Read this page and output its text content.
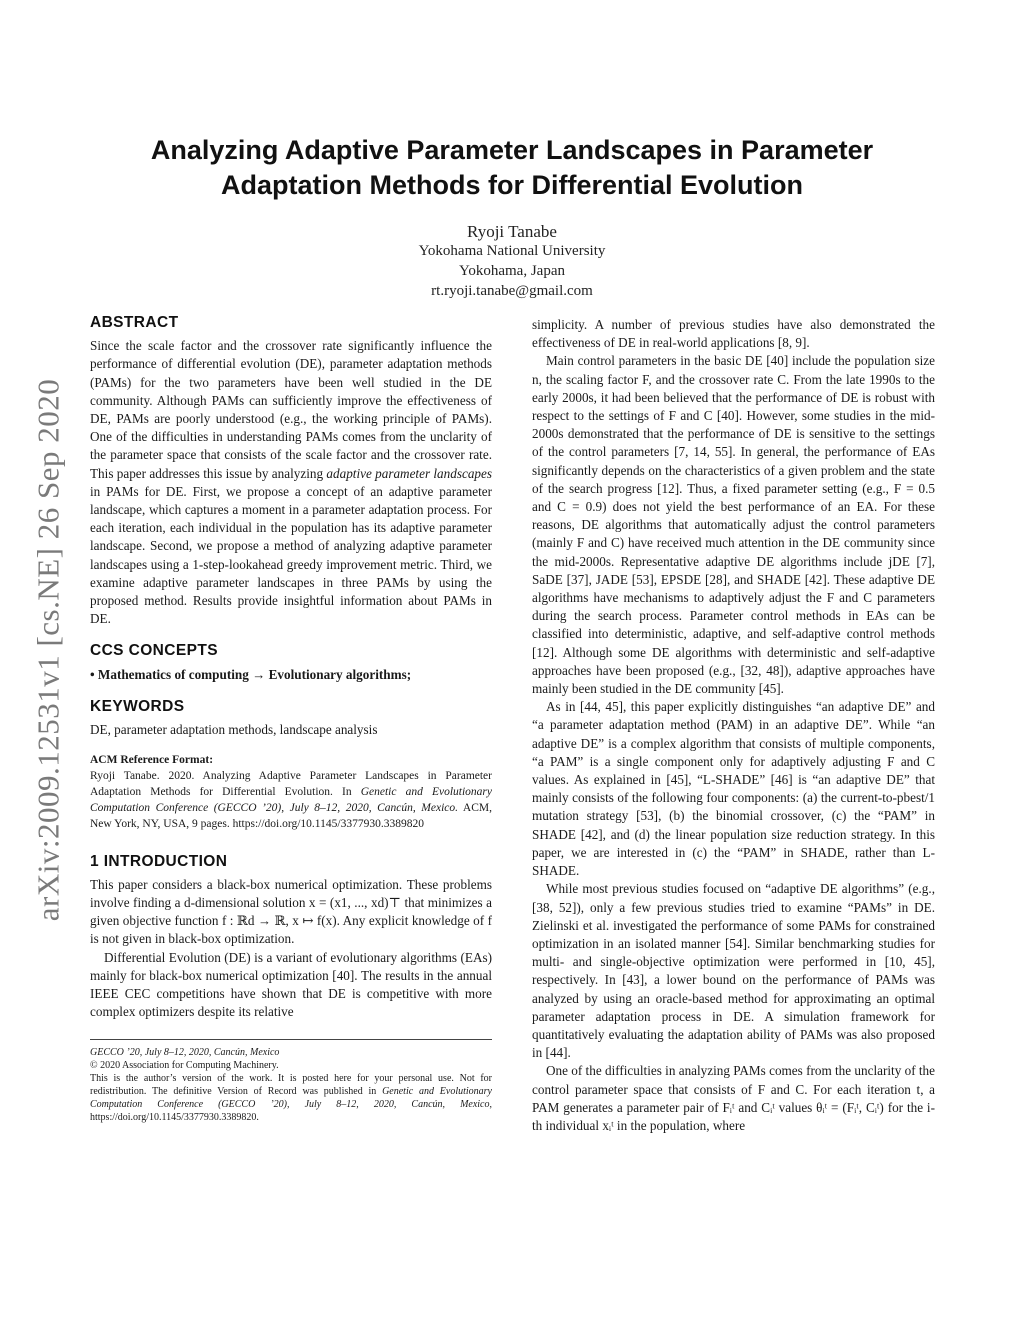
arXiv:2009.12531v1 [cs.NE] 26 Sep 2020
Analyzing Adaptive Parameter Landscapes in Parameter
Adaptation Methods for Differential Evolution
Ryoji Tanabe
Yokohama National University
Yokohama, Japan
rt.ryoji.tanabe@gmail.com
ABSTRACT

Since the scale factor and the crossover rate significantly influence the performance of differential evolution (DE), parameter adaptation methods (PAMs) for the two parameters have been well studied in the DE community. Although PAMs can sufficiently improve the effectiveness of DE, PAMs are poorly understood (e.g., the working principle of PAMs). One of the difficulties in understanding PAMs comes from the unclarity of the parameter space that consists of the scale factor and the crossover rate. This paper addresses this issue by analyzing adaptive parameter landscapes in PAMs for DE. First, we propose a concept of an adaptive parameter landscape, which captures a moment in a parameter adaptation process. For each iteration, each individual in the population has its adaptive parameter landscape. Second, we propose a method of analyzing adaptive parameter landscapes using a 1-step-lookahead greedy improvement metric. Third, we examine adaptive parameter landscapes in three PAMs by using the proposed method. Results provide insightful information about PAMs in DE.

CCS CONCEPTS

• Mathematics of computing → Evolutionary algorithms;

KEYWORDS

DE, parameter adaptation methods, landscape analysis

ACM Reference Format:

Ryoji Tanabe. 2020. Analyzing Adaptive Parameter Landscapes in Parameter Adaptation Methods for Differential Evolution. In Genetic and Evolutionary Computation Conference (GECCO ’20), July 8–12, 2020, Cancún, Mexico. ACM, New York, NY, USA, 9 pages. https://doi.org/10.1145/3377930.3389820

1 INTRODUCTION

This paper considers a black-box numerical optimization. These problems involve finding a d-dimensional solution x = (x1, ..., xd)⊤ that minimizes a given objective function f : ℝd → ℝ, x ↦ f(x). Any explicit knowledge of f is not given in black-box optimization.

Differential Evolution (DE) is a variant of evolutionary algorithms (EAs) mainly for black-box numerical optimization [40]. The results in the annual IEEE CEC competitions have shown that DE is competitive with more complex optimizers despite its relative

GECCO ’20, July 8–12, 2020, Cancún, Mexico
© 2020 Association for Computing Machinery.
This is the author’s version of the work. It is posted here for your personal use. Not for redistribution. The definitive Version of Record was published in Genetic and Evolutionary Computation Conference (GECCO ’20), July 8–12, 2020, Cancún, Mexico, https://doi.org/10.1145/3377930.3389820.

simplicity. A number of previous studies have also demonstrated the effectiveness of DE in real-world applications [8, 9].

Main control parameters in the basic DE [40] include the population size n, the scaling factor F, and the crossover rate C. From the late 1990s to the early 2000s, it had been believed that the performance of DE is robust with respect to the settings of F and C [40]. However, some studies in the mid-2000s demonstrated that the performance of DE is sensitive to the settings of the control parameters [7, 14, 55]. In general, the performance of EAs significantly depends on the characteristics of a given problem and the state of the search progress [12]. Thus, a fixed parameter setting (e.g., F = 0.5 and C = 0.9) does not yield the best performance of an EA. For these reasons, DE algorithms that automatically adjust the control parameters (mainly F and C) have received much attention in the DE community since the mid-2000s. Representative adaptive DE algorithms include jDE [7], SaDE [37], JADE [53], EPSDE [28], and SHADE [42]. These adaptive DE algorithms have mechanisms to adaptively adjust the F and C parameters during the search process. Parameter control methods in EAs can be classified into deterministic, adaptive, and self-adaptive control methods [12]. Although some DE algorithms with deterministic and self-adaptive approaches have been proposed (e.g., [32, 48]), adaptive approaches have mainly been studied in the DE community [45].

As in [44, 45], this paper explicitly distinguishes “an adaptive DE” and “a parameter adaptation method (PAM) in an adaptive DE”. While “an adaptive DE” is a complex algorithm that consists of multiple components, “a PAM” is a single component only for adaptively adjusting F and C values. As explained in [45], “L-SHADE” [46] is “an adaptive DE” that mainly consists of the following four components: (a) the current-to-pbest/1 mutation strategy [53], (b) the binomial crossover, (c) the “PAM” in SHADE [42], and (d) the linear population size reduction strategy. In this paper, we are interested in (c) the “PAM” in SHADE, rather than L-SHADE.

While most previous studies focused on “adaptive DE algorithms” (e.g., [38, 52]), only a few previous studies tried to examine “PAMs” in DE. Zielinski et al. investigated the performance of some PAMs for constrained optimization in an isolated manner [54]. Similar benchmarking studies for multi- and single-objective optimization were performed in [10, 45], respectively. In [43], a lower bound on the performance of PAMs was analyzed by using an oracle-based method for approximating an optimal parameter adaptation process in DE. A simulation framework for quantitatively evaluating the adaptation ability of PAMs was also proposed in [44].

One of the difficulties in analyzing PAMs comes from the unclarity of the control parameter space that consists of F and C. For each iteration t, a PAM generates a parameter pair of Fᵢᵗ and Cᵢᵗ values θᵢᵗ = (Fᵢᵗ, Cᵢᵗ) for the i-th individual xᵢᵗ in the population, where
